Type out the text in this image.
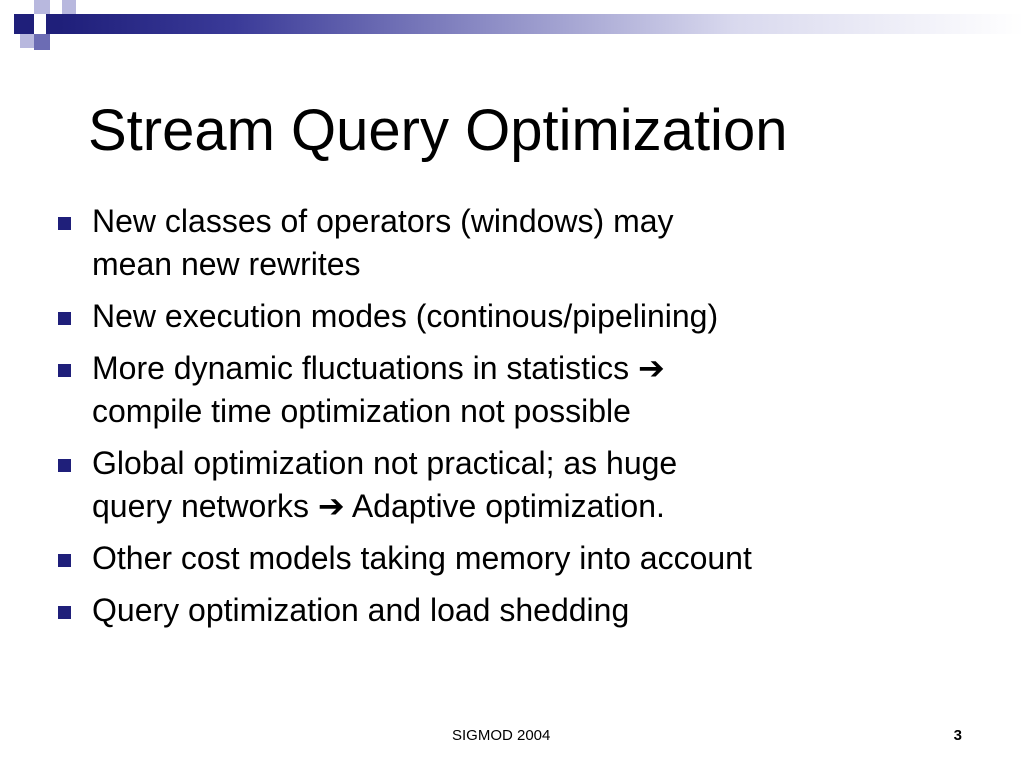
Stream Query Optimization
New classes of operators (windows) may
mean new rewrites
New execution modes (continous/pipelining)
More dynamic fluctuations in statistics ➔
compile time optimization not possible
Global optimization not practical; as huge
query networks ➔ Adaptive optimization.
Other cost models taking memory into account
Query optimization and load shedding
SIGMOD 2004	3
